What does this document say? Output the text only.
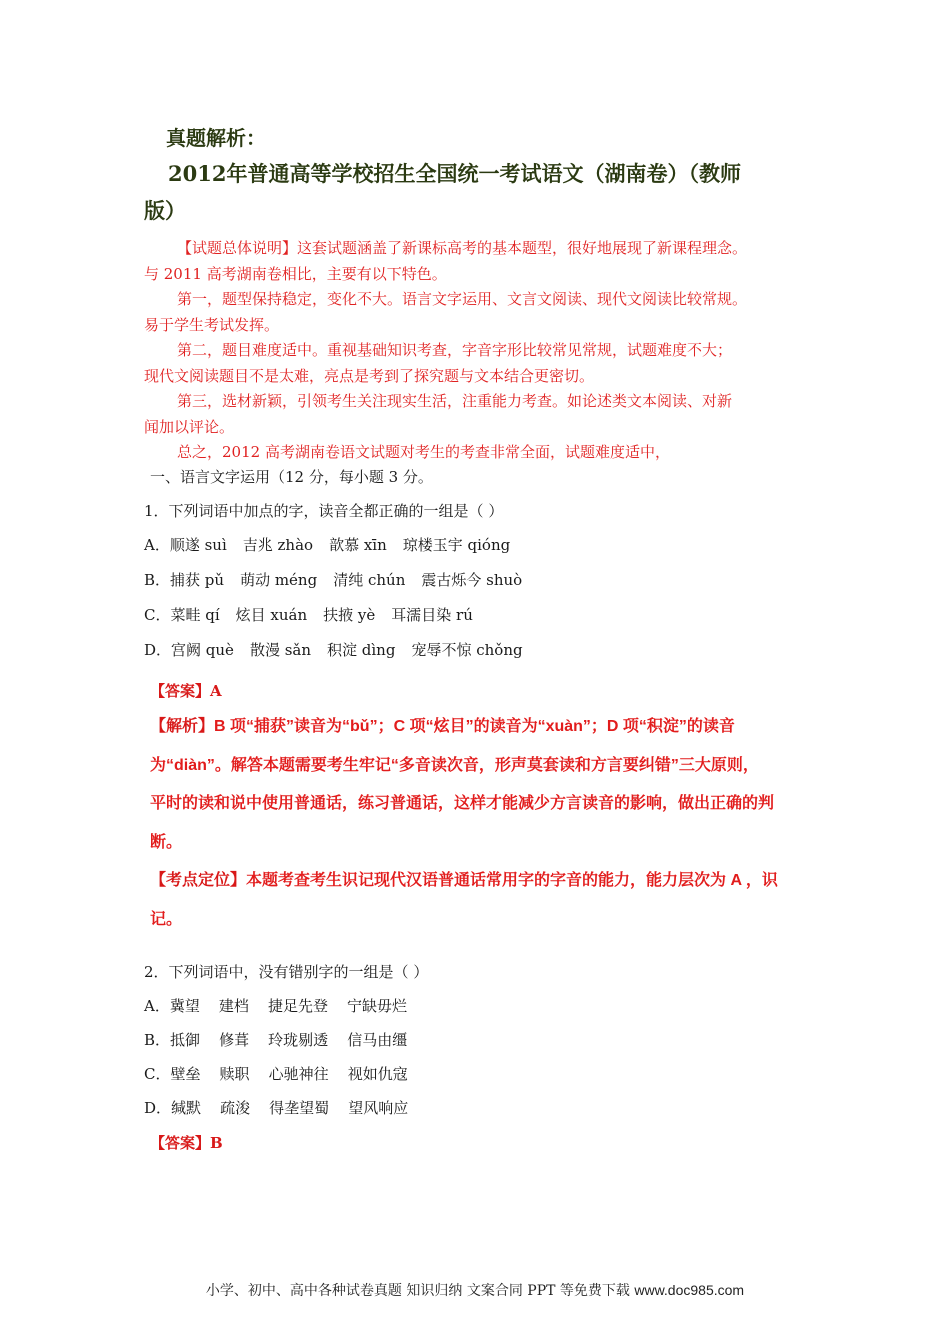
真题解析：
2012年普通高等学校招生全国统一考试语文（湖南卷）（教师
版）

【试题总体说明】这套试题涵盖了新课标高考的基本题型，很好地展现了新课程理念。

与 2011 高考湖南卷相比，主要有以下特色。

第一，题型保持稳定，变化不大。语言文字运用、文言文阅读、现代文阅读比较常规。

易于学生考试发挥。

第二，题目难度适中。重视基础知识考查，字音字形比较常见常规，试题难度不大；

现代文阅读题目不是太难，亮点是考到了探究题与文本结合更密切。

第三，选材新颖，引领考生关注现实生活，注重能力考查。如论述类文本阅读、对新

闻加以评论。

总之，2012 高考湖南卷语文试题对考生的考查非常全面，试题难度适中，

一、语言文字运用（12 分，每小题 3 分。
1．下列词语中加点的字，读音全都正确的一组是（ ）
A．顺遂 suì 吉兆 zhào 歆慕 xīn 琼楼玉宇 qióng
B．捕获 pǔ 萌动 méng 清纯 chún 震古烁今 shuò
C．菜畦 qí 炫目 xuán 扶掖 yè 耳濡目染 rú
D．宫阙 què 散漫 sǎn 积淀 dìng 宠辱不惊 chǒng
【答案】A

【解析】B 项“捕获”读音为“bǔ”；C 项“炫目”的读音为“xuàn”；D 项“积淀”的读音

为“diàn”。解答本题需要考生牢记“多音读次音，形声莫套读和方言要纠错”三大原则，

平时的读和说中使用普通话，练习普通话，这样才能减少方言读音的影响，做出正确的判

断。

【考点定位】本题考查考生识记现代汉语普通话常用字的字音的能力，能力层次为 A ，识

记。

2．下列词语中，没有错别字的一组是（ ）
A．冀望    建档    捷足先登    宁缺毋烂
B．抵御    修葺    玲珑剔透    信马由缰
C．壁垒    赎职    心驰神往    视如仇寇
D．缄默    疏浚    得垄望蜀    望风响应
【答案】B
小学、初中、高中各种试卷真题 知识归纳 文案合同 PPT 等免费下载 www.doc985.com
